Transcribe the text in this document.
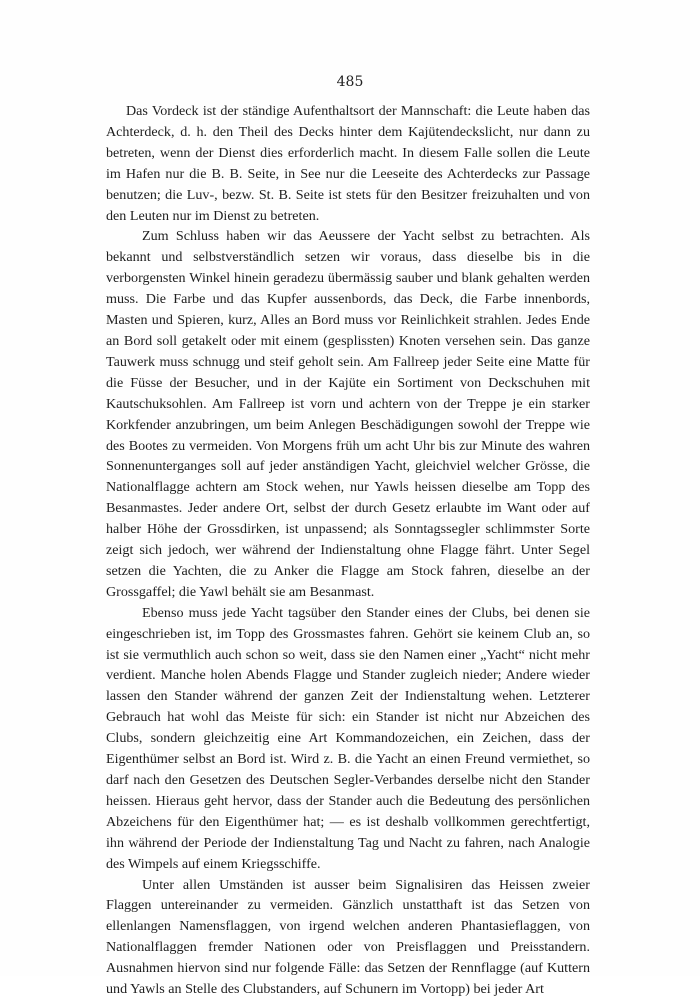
485

Das Vordeck ist der ständige Aufenthaltsort der Mannschaft: die Leute haben das Achterdeck, d. h. den Theil des Decks hinter dem Kajütendeckslicht, nur dann zu betreten, wenn der Dienst dies erforderlich macht. In diesem Falle sollen die Leute im Hafen nur die B. B. Seite, in See nur die Leeseite des Achterdecks zur Passage benutzen; die Luv-, bezw. St. B. Seite ist stets für den Besitzer freizuhalten und von den Leuten nur im Dienst zu betreten.

Zum Schluss haben wir das Aeussere der Yacht selbst zu betrachten. Als bekannt und selbstverständlich setzen wir voraus, dass dieselbe bis in die verborgensten Winkel hinein geradezu übermässig sauber und blank gehalten werden muss. Die Farbe und das Kupfer aussenbords, das Deck, die Farbe innenbords, Masten und Spieren, kurz, Alles an Bord muss vor Reinlichkeit strahlen. Jedes Ende an Bord soll getakelt oder mit einem (gesplissten) Knoten versehen sein. Das ganze Tauwerk muss schnugg und steif geholt sein. Am Fallreep jeder Seite eine Matte für die Füsse der Besucher, und in der Kajüte ein Sortiment von Deckschuhen mit Kautschuksohlen. Am Fallreep ist vorn und achtern von der Treppe je ein starker Korkfender anzubringen, um beim Anlegen Beschädigungen sowohl der Treppe wie des Bootes zu vermeiden. Von Morgens früh um acht Uhr bis zur Minute des wahren Sonnenunterganges soll auf jeder anständigen Yacht, gleichviel welcher Grösse, die Nationalflagge achtern am Stock wehen, nur Yawls heissen dieselbe am Topp des Besanmastes. Jeder andere Ort, selbst der durch Gesetz erlaubte im Want oder auf halber Höhe der Grossdirken, ist unpassend; als Sonntagssegler schlimmster Sorte zeigt sich jedoch, wer während der Indienstaltung ohne Flagge fährt. Unter Segel setzen die Yachten, die zu Anker die Flagge am Stock fahren, dieselbe an der Grossgaffel; die Yawl behält sie am Besanmast.

Ebenso muss jede Yacht tagsüber den Stander eines der Clubs, bei denen sie eingeschrieben ist, im Topp des Grossmastes fahren. Gehört sie keinem Club an, so ist sie vermuthlich auch schon so weit, dass sie den Namen einer „Yacht“ nicht mehr verdient. Manche holen Abends Flagge und Stander zugleich nieder; Andere wieder lassen den Stander während der ganzen Zeit der Indienstaltung wehen. Letzterer Gebrauch hat wohl das Meiste für sich: ein Stander ist nicht nur Abzeichen des Clubs, sondern gleichzeitig eine Art Kommandozeichen, ein Zeichen, dass der Eigenthümer selbst an Bord ist. Wird z. B. die Yacht an einen Freund vermiethet, so darf nach den Gesetzen des Deutschen Segler-Verbandes derselbe nicht den Stander heissen. Hieraus geht hervor, dass der Stander auch die Bedeutung des persönlichen Abzeichens für den Eigenthümer hat; — es ist deshalb vollkommen gerechtfertigt, ihn während der Periode der Indienstaltung Tag und Nacht zu fahren, nach Analogie des Wimpels auf einem Kriegsschiffe.

Unter allen Umständen ist ausser beim Signalisiren das Heissen zweier Flaggen untereinander zu vermeiden. Gänzlich unstatthaft ist das Setzen von ellenlangen Namensflaggen, von irgend welchen anderen Phantasieflaggen, von Nationalflaggen fremder Nationen oder von Preisflaggen und Preisstandern. Ausnahmen hiervon sind nur folgende Fälle: das Setzen der Rennflagge (auf Kuttern und Yawls an Stelle des Clubstanders, auf Schunern im Vortopp) bei jeder Art
